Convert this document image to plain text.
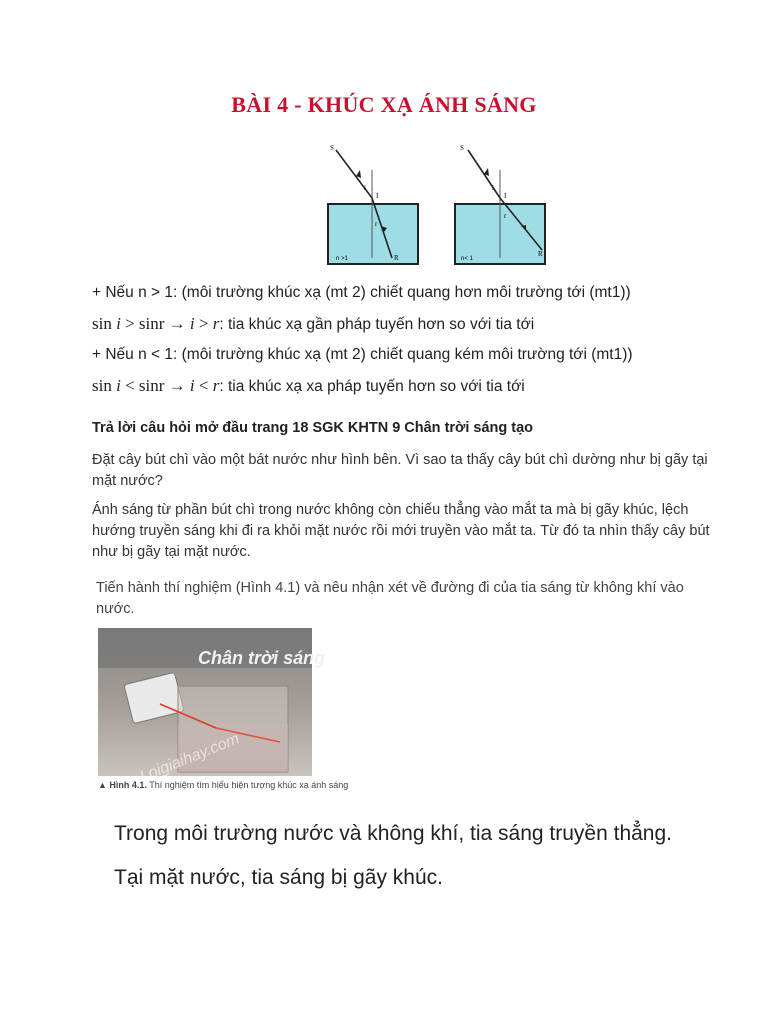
BÀI 4 - KHÚC XẠ ÁNH SÁNG
S
i
I
r
R
n >1
S
i
I
r
R
n< 1
+ Nếu n > 1: (môi trường khúc xạ (mt 2) chiết quang hơn môi trường tới (mt1))
sin i > sinr → i > r: tia khúc xạ gần pháp tuyến hơn so với tia tới
+ Nếu n < 1: (môi trường khúc xạ (mt 2) chiết quang kém môi trường tới (mt1))
sin i < sinr → i < r: tia khúc xạ xa pháp tuyến hơn so với tia tới
Trả lời câu hỏi mở đầu trang 18 SGK KHTN 9 Chân trời sáng tạo
Đặt cây bút chì vào một bát nước như hình bên. Vì sao ta thấy cây bút chì dường như bị gãy tại mặt nước?
Ánh sáng từ phần bút chì trong nước không còn chiếu thẳng vào mắt ta mà bị gãy khúc, lệch hướng truyền sáng khi đi ra khỏi mặt nước rồi mới truyền vào mắt ta. Từ đó ta nhìn thấy cây bút như bị gãy tại mặt nước.
Tiến hành thí nghiệm (Hình 4.1) và nêu nhận xét về đường đi của tia sáng từ không khí vào nước.
Chân trời sáng
Loigiaihay.com
▲ Hình 4.1. Thí nghiệm tìm hiểu hiện tượng khúc xạ ánh sáng
Trong môi trường nước và không khí, tia sáng truyền thẳng.
Tại mặt nước, tia sáng bị gãy khúc.
